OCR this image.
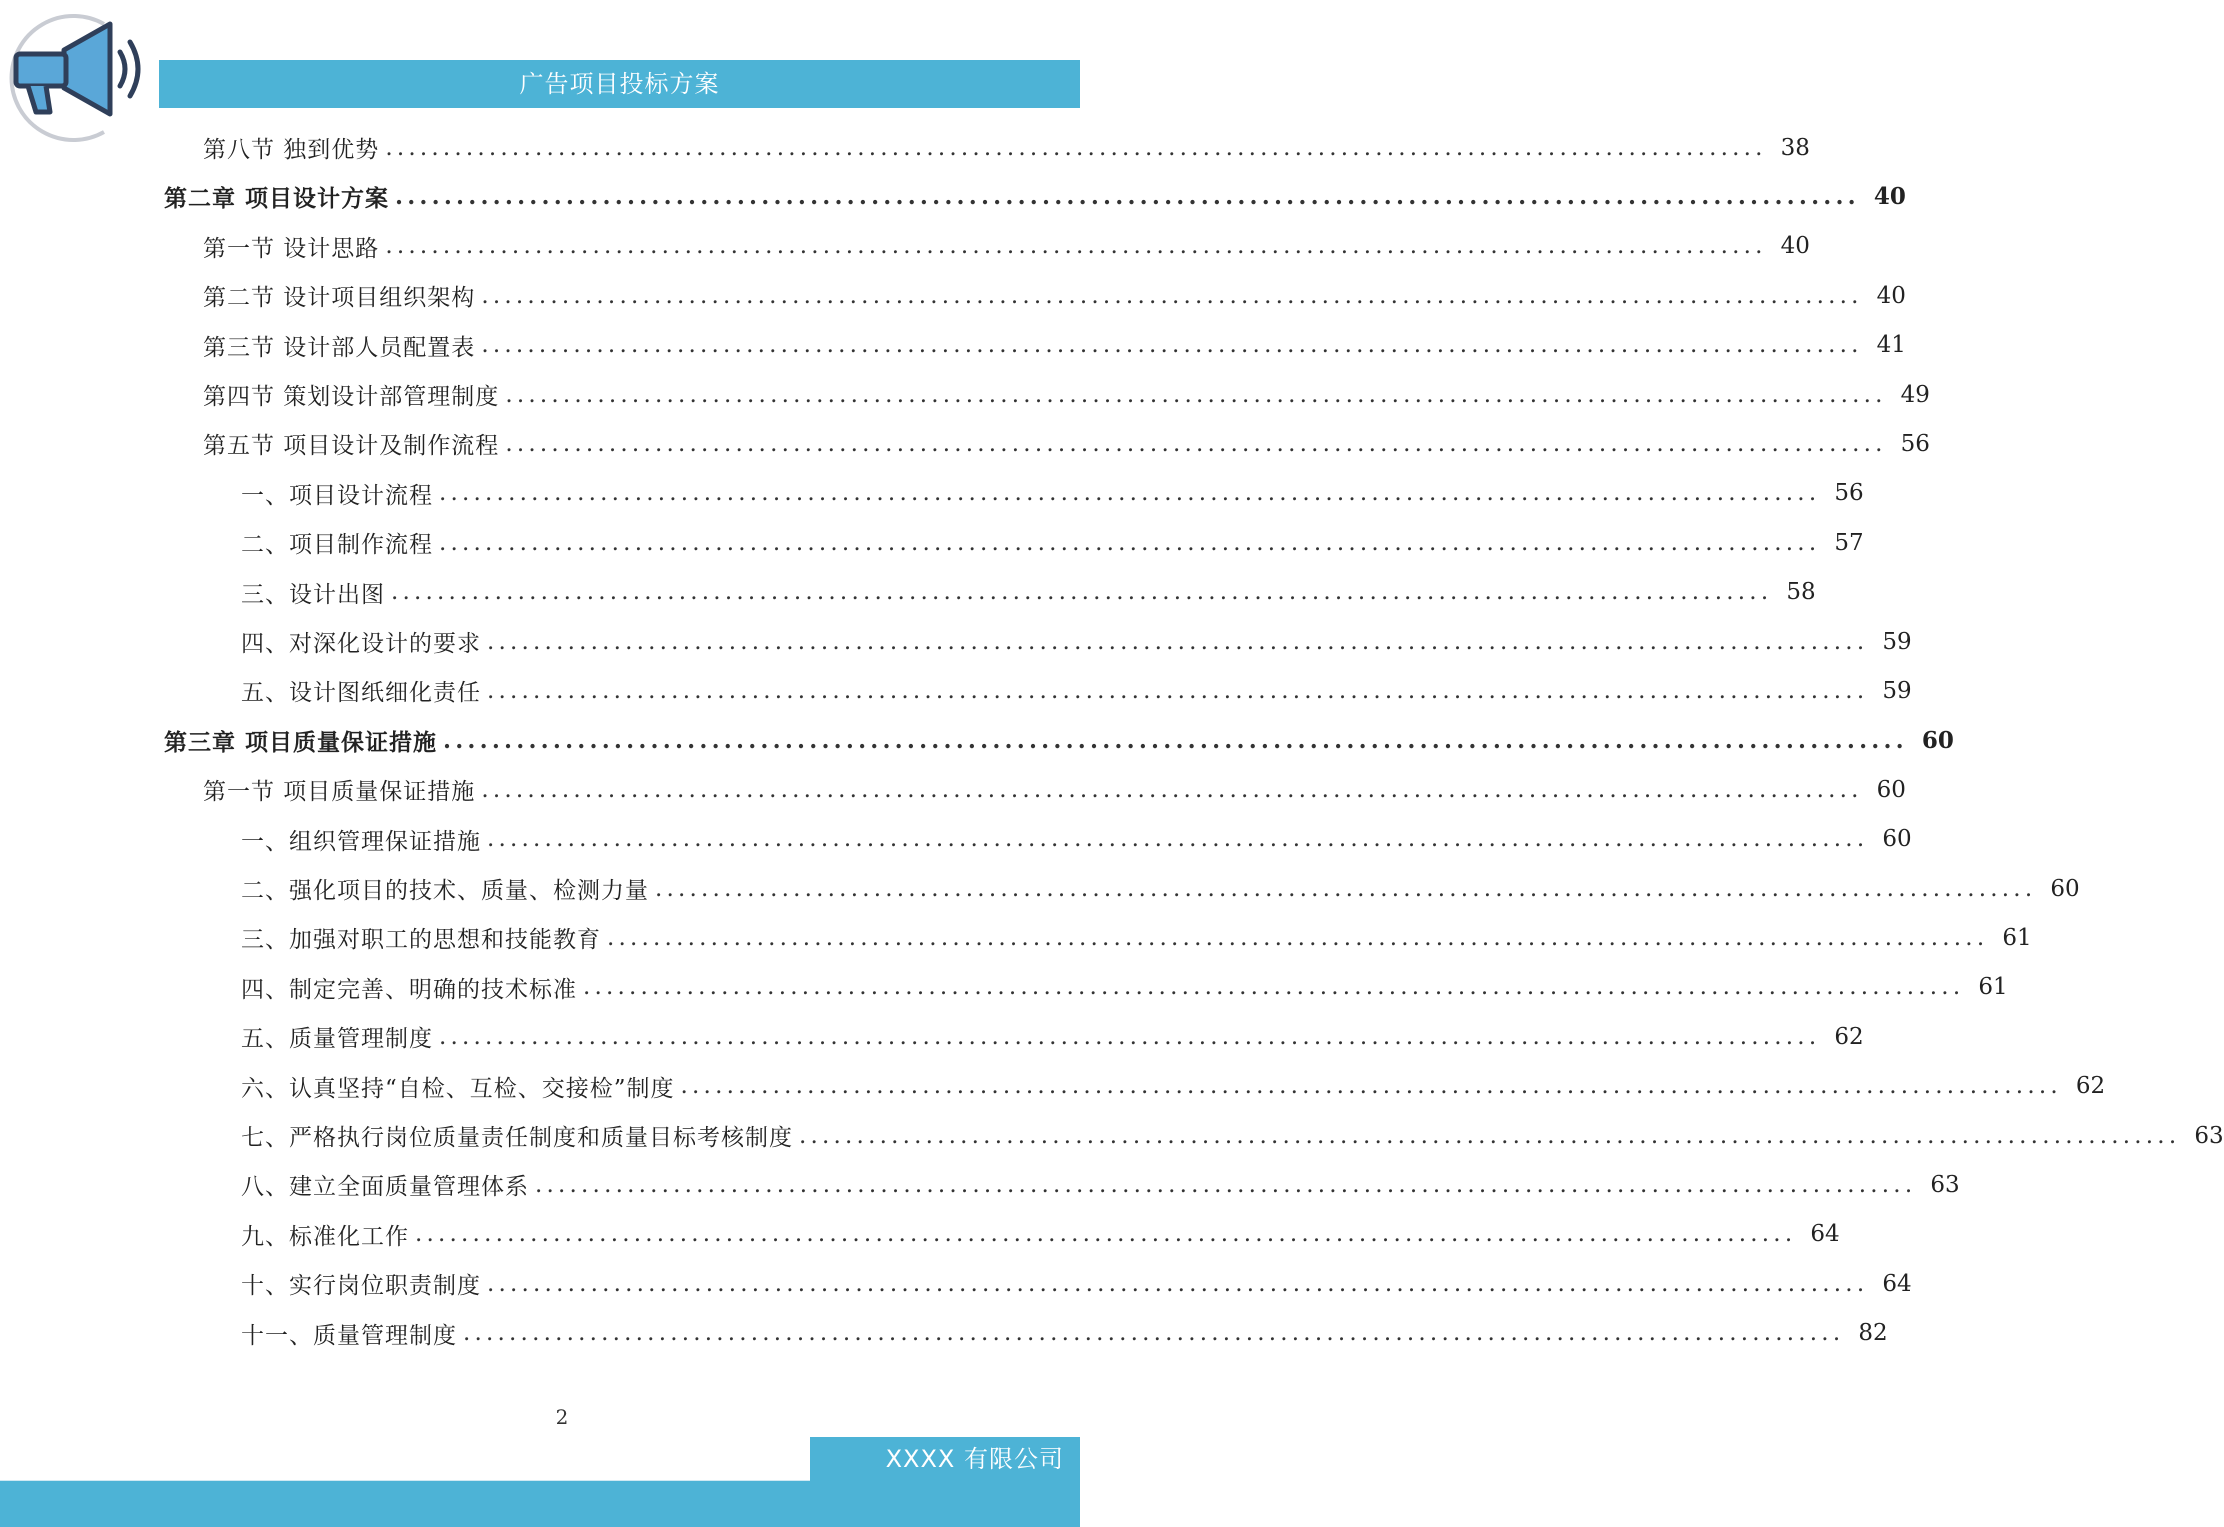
广告项目投标方案
第八节 独到优势 ........................................................................................................................ 38
第二章 项目设计方案 ........................................................................................................................ 40
第一节 设计思路 ........................................................................................................................ 40
第二节 设计项目组织架构 ........................................................................................................................ 40
第三节 设计部人员配置表 ........................................................................................................................ 41
第四节 策划设计部管理制度 ........................................................................................................................ 49
第五节 项目设计及制作流程 ........................................................................................................................ 56
一、项目设计流程 ........................................................................................................................ 56
二、项目制作流程 ........................................................................................................................ 57
三、设计出图 ........................................................................................................................ 58
四、对深化设计的要求 ........................................................................................................................ 59
五、设计图纸细化责任 ........................................................................................................................ 59
第三章 项目质量保证措施 ........................................................................................................................ 60
第一节 项目质量保证措施 ........................................................................................................................ 60
一、组织管理保证措施 ........................................................................................................................ 60
二、强化项目的技术、质量、检测力量 ........................................................................................................................ 60
三、加强对职工的思想和技能教育 ........................................................................................................................ 61
四、制定完善、明确的技术标准 ........................................................................................................................ 61
五、质量管理制度 ........................................................................................................................ 62
六、认真坚持“自检、互检、交接检”制度 ........................................................................................................................ 62
七、严格执行岗位质量责任制度和质量目标考核制度 ........................................................................................................................ 63
八、建立全面质量管理体系 ........................................................................................................................ 63
九、标准化工作 ........................................................................................................................ 64
十、实行岗位职责制度 ........................................................................................................................ 64
十一、质量管理制度 ........................................................................................................................ 82
2
XXXX 有限公司
